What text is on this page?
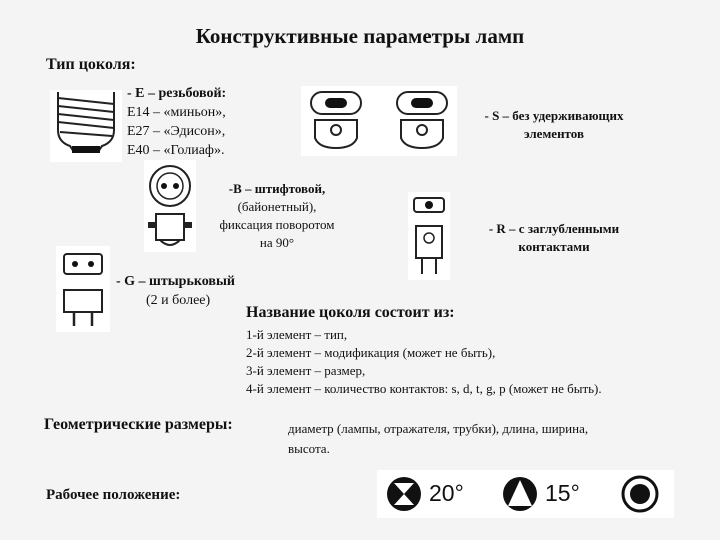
Конструктивные параметры ламп
Тип цоколя:
- Е – резьбовой:
Е14 – «миньон»,
Е27 – «Эдисон»,
Е40 – «Голиаф».
- S – без удерживающих
элементов
-В – штифтовой,
(байонетный),
фиксация поворотом
на 90°
- R – с заглубленными
контактами
- G – штырьковый
(2 и более)
Название цоколя состоит из:
1-й элемент – тип,
2-й элемент – модификация (может не быть),
3-й элемент – размер,
4-й элемент – количество контактов: s, d, t, g, p (может не быть).
Геометрические размеры:	диаметр (лампы, отражателя, трубки), длина, ширина,
высота.
Рабочее положение:	20°	15°
